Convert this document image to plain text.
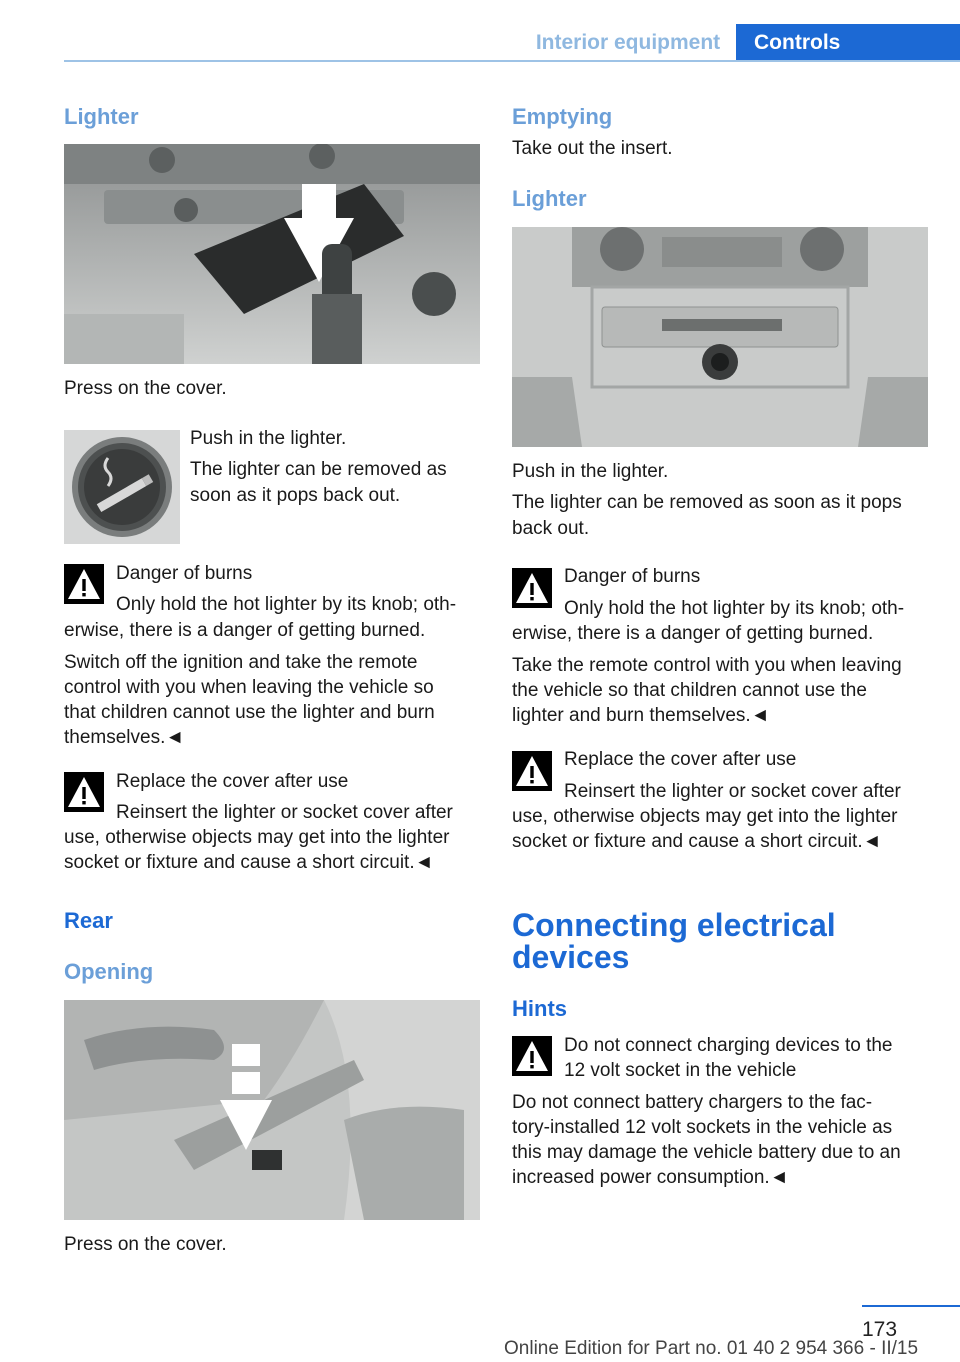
Interior equipment	Controls
Lighter
Press on the cover.
Push in the lighter.
The lighter can be removed as
soon as it pops back out.
Danger of burns
Only hold the hot lighter by its knob; oth‐
erwise, there is a danger of getting burned.
Switch off the ignition and take the remote
control with you when leaving the vehicle so
that children cannot use the lighter and burn
themselves.◄
Replace the cover after use
Reinsert the lighter or socket cover after
use, otherwise objects may get into the lighter
socket or fixture and cause a short circuit.◄
Rear
Opening
Press on the cover.
Emptying
Take out the insert.
Lighter
Push in the lighter.
The lighter can be removed as soon as it pops
back out.
Danger of burns
Only hold the hot lighter by its knob; oth‐
erwise, there is a danger of getting burned.
Take the remote control with you when leaving
the vehicle so that children cannot use the
lighter and burn themselves.◄
Replace the cover after use
Reinsert the lighter or socket cover after
use, otherwise objects may get into the lighter
socket or fixture and cause a short circuit.◄
Connecting electrical
devices
Hints
Do not connect charging devices to the
12 volt socket in the vehicle
Do not connect battery chargers to the fac‐
tory-installed 12 volt sockets in the vehicle as
this may damage the vehicle battery due to an
increased power consumption.◄
173
Online Edition for Part no. 01 40 2 954 366 - II/15
